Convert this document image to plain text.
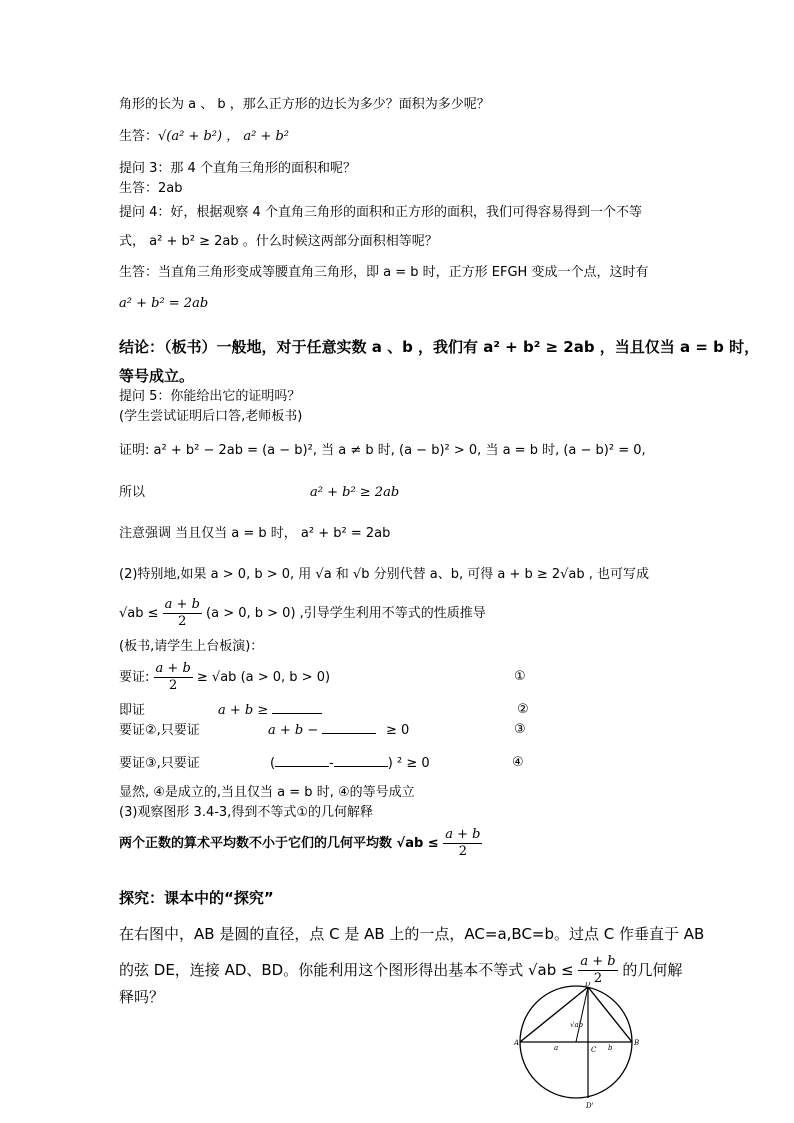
角形的长为 a 、 b ，那么正方形的边长为多少？面积为多少呢？
生答：√(a² + b²) ， a² + b²
提问 3：那 4 个直角三角形的面积和呢？
生答：2ab
提问 4：好，根据观察 4 个直角三角形的面积和正方形的面积，我们可得容易得到一个不等
式， a² + b² ≥ 2ab 。什么时候这两部分面积相等呢？
生答：当直角三角形变成等腰直角三角形，即 a = b 时，正方形 EFGH 变成一个点，这时有
a² + b² = 2ab
结论：（板书）一般地，对于任意实数 a 、b ，我们有 a² + b² ≥ 2ab ，当且仅当 a = b 时，
等号成立。
提问 5：你能给出它的证明吗？
(学生尝试证明后口答,老师板书)
证明: a² + b² − 2ab = (a − b)², 当 a ≠ b 时, (a − b)² > 0, 当 a = b 时, (a − b)² = 0,
所以	a² + b² ≥ 2ab
注意强调 当且仅当 a = b 时， a² + b² = 2ab
(2)特别地,如果 a > 0, b > 0, 用 √a 和 √b 分别代替 a、b, 可得 a + b ≥ 2√ab , 也可写成
$√ab \le \frac{a + b}{2} (a > 0$, b > 0) ,引导学生利用不等式的性质推导
(板书,请学生上台板演)：
要证: $\frac{a + b}{2} \ge √ab$ (a > 0, b > 0)	①
即证	a + b ≥	②
要证②,只要证	a + b −	≥ 0	③
要证③,只要证	(	-	) ² ≥ 0	④
显然, ④是成立的,当且仅当 a = b 时, ④的等号成立
(3)观察图形 3.4-3,得到不等式①的几何解释
两个正数的算术平均数不小于它们的几何平均数 $√ab \le \frac{a + b}{2}$
探究：课本中的“探究”
在右图中，AB 是圆的直径，点 C 是 AB 上的一点，AC=a,BC=b。过点 C 作垂直于 AB
的弦 DE，连接 AD、BD。你能利用这个图形得出基本不等式 $√ab \le \frac{a + b}{2}$ 的几何解
释吗？
A	B
C
D
D'
a	b
√ab
